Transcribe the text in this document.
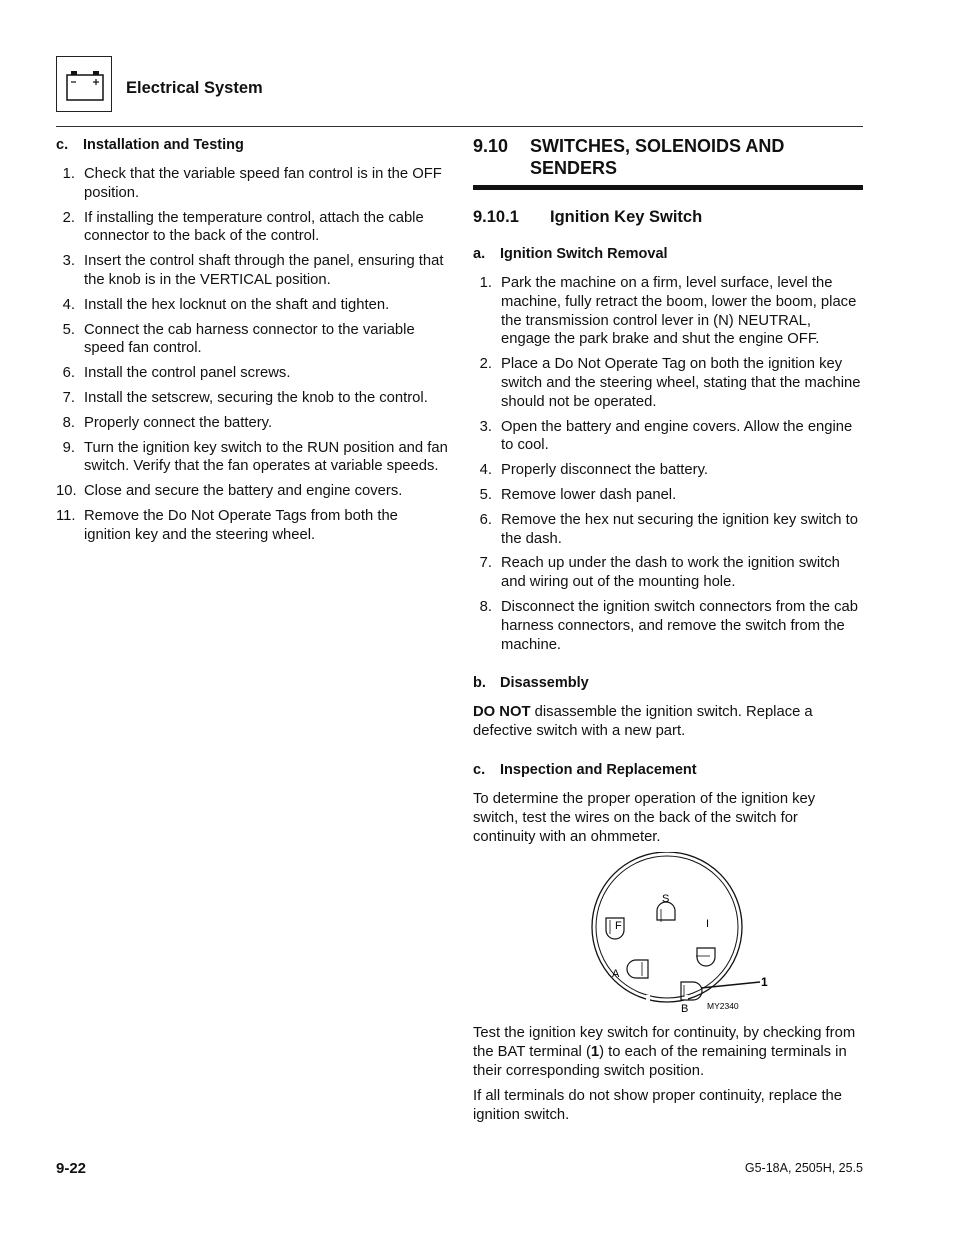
Electrical System
c. Installation and Testing
1. Check that the variable speed fan control is in the OFF position.
2. If installing the temperature control, attach the cable connector to the back of the control.
3. Insert the control shaft through the panel, ensuring that the knob is in the VERTICAL position.
4. Install the hex locknut on the shaft and tighten.
5. Connect the cab harness connector to the variable speed fan control.
6. Install the control panel screws.
7. Install the setscrew, securing the knob to the control.
8. Properly connect the battery.
9. Turn the ignition key switch to the RUN position and fan switch. Verify that the fan operates at variable speeds.
10. Close and secure the battery and engine covers.
11. Remove the Do Not Operate Tags from both the ignition key and the steering wheel.
9.10	SWITCHES, SOLENOIDS AND SENDERS
9.10.1	Ignition Key Switch
a. Ignition Switch Removal
1. Park the machine on a firm, level surface, level the machine, fully retract the boom, lower the boom, place the transmission control lever in (N) NEUTRAL, engage the park brake and shut the engine OFF.
2. Place a Do Not Operate Tag on both the ignition key switch and the steering wheel, stating that the machine should not be operated.
3. Open the battery and engine covers. Allow the engine to cool.
4. Properly disconnect the battery.
5. Remove lower dash panel.
6. Remove the hex nut securing the ignition key switch to the dash.
7. Reach up under the dash to work the ignition switch and wiring out of the mounting hole.
8. Disconnect the ignition switch connectors from the cab harness connectors, and remove the switch from the machine.
b. Disassembly

DO NOT disassemble the ignition switch. Replace a defective switch with a new part.

c. Inspection and Replacement

To determine the proper operation of the ignition key switch, test the wires on the back of the switch for continuity with an ohmmeter.

S
F	I
A
B
1
MY2340

Test the ignition key switch for continuity, by checking from the BAT terminal (1) to each of the remaining terminals in their corresponding switch position.

If all terminals do not show proper continuity, replace the ignition switch.

9-22	G5-18A, 2505H, 25.5
